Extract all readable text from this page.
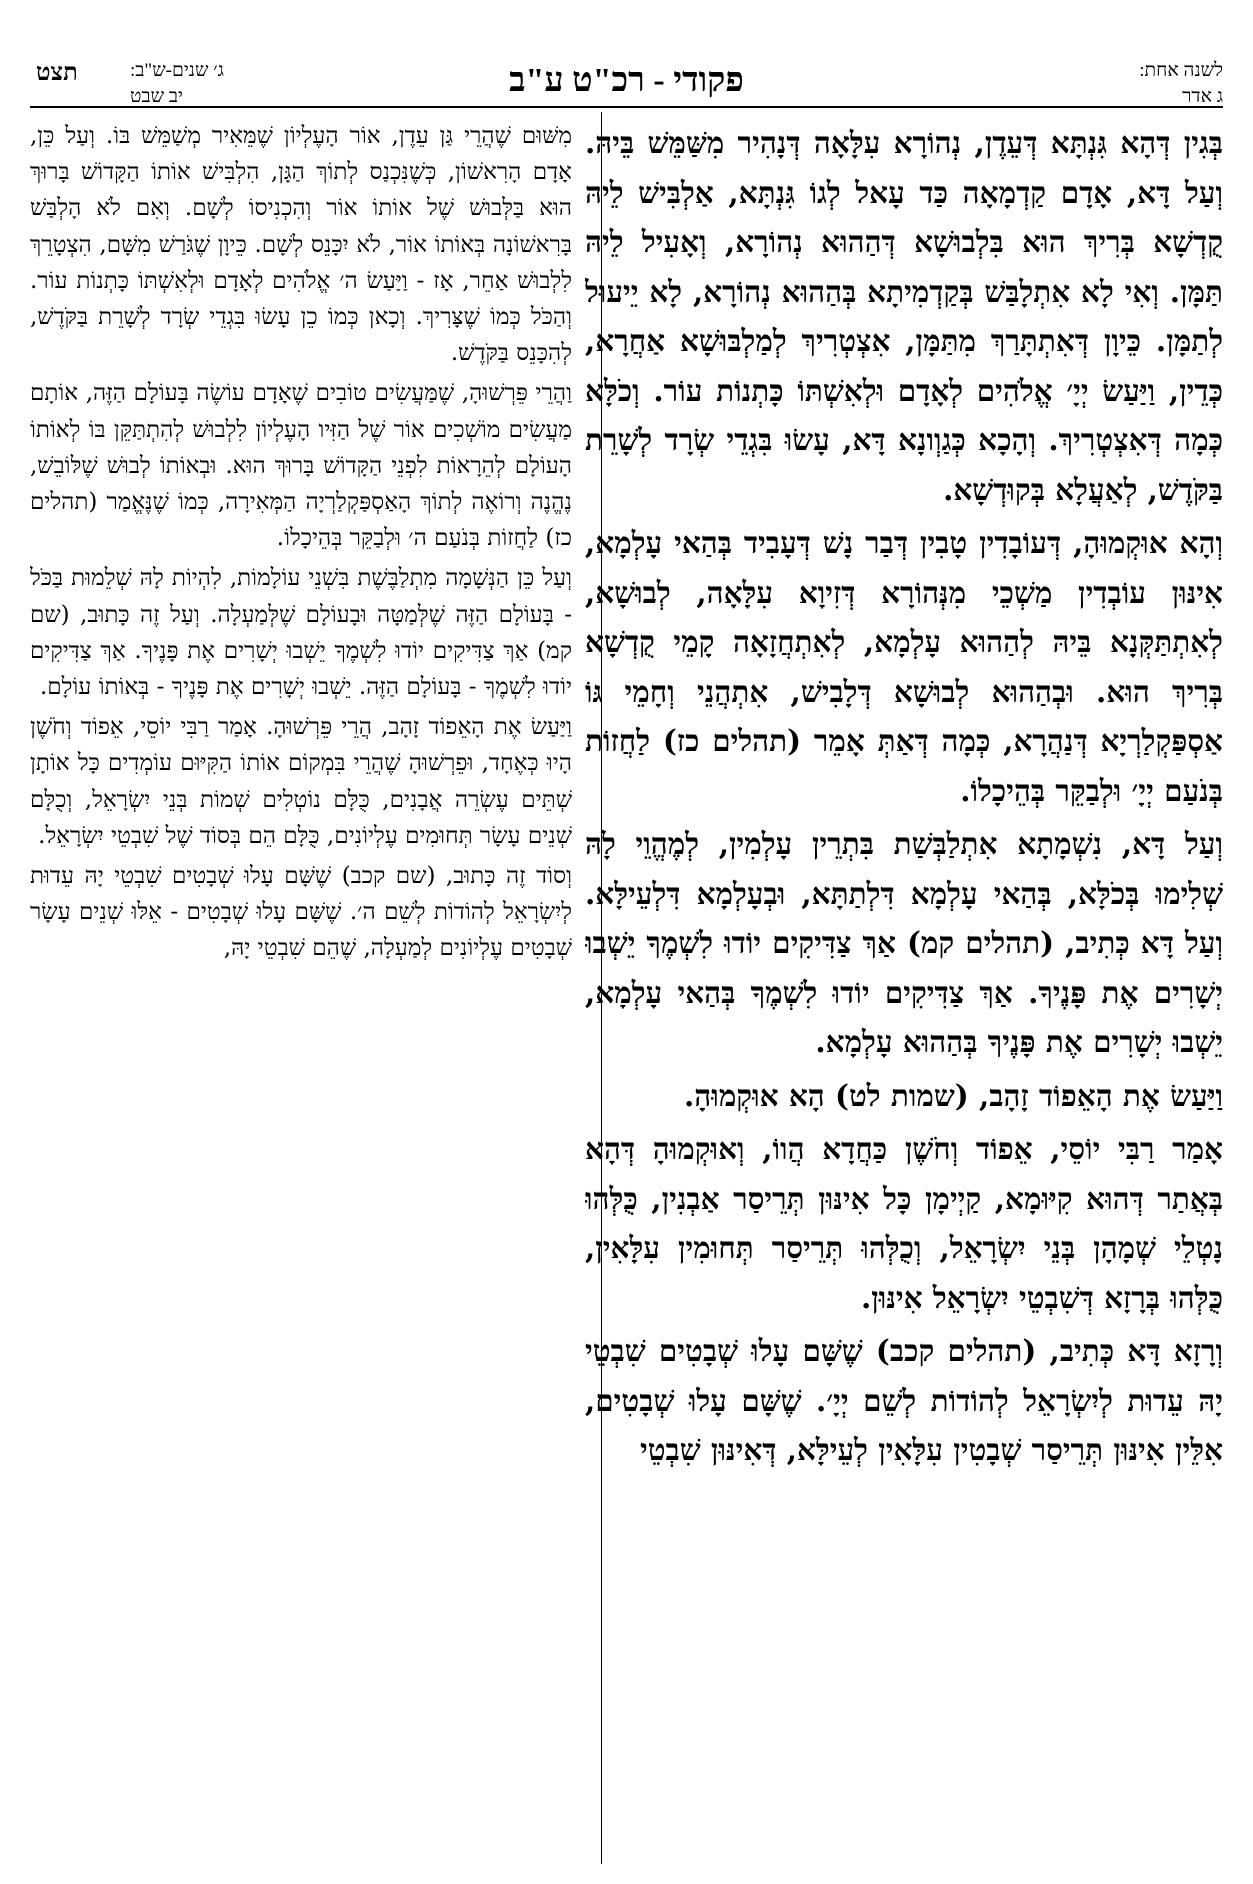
לשנה אחת:
ג אדר
פקודי - רכ"ט ע"ב
ג׳ שנים-ש"ב:
יב שבט
תצט

בְּגִין דְּהָא גִּנְתָּא דְּעֵדֶן, נְהוֹרָא עִלָּאָה דְּנָהִיר מִשַּׁמֵּשׁ בֵּיהּ. וְעַל דָּא, אָדָם קַדְמָאָה כַּד עָאל לְגוֹ גִּנְתָּא, אַלְבִּישׁ לֵיהּ קֻדְשָׁא בְּרִיךְ הוּא בִּלְבוּשָׁא דְּהַהוּא נְהוֹרָא, וְאָעִיל לֵיהּ תַּמָּן. וְאִי לָא אִתְלָבַּשׁ בְּקַדְמִיתָא בְּהַהוּא נְהוֹרָא, לָא יֵיעוּל לְתַמָּן. כֵּיוָן דְּאִתְתָּרַךְ מִתַּמָּן, אִצְטְרִיךְ לְמַלְבּוּשָׁא אַחֲרָא, כְּדֵין, וַיַּעַשׂ יְיָ׳ אֱלֹהִים לְאָדָם וּלְאִשְׁתּוֹ כָּתְנוֹת עוֹר. וְכֹלָּא כְּמָה דְּאִצְטְרִיךְ. וְהָכָא כְּגַוְונָא דָּא, עָשׂוּ בִּגְדֵי שְׂרָד לְשָׁרֵת בַּקֹּדֶשׁ, לְאַעֲלָא בְּקוּדְשָׁא.

וְהָא אוּקְמוּהָ, דְּעוֹבָדִין טָבִין דְּבַר נָשׁ דְּעָבִיד בְּהַאי עָלְמָא, אִינּוּן עוֹבְדִין מַשְׁכֵי מִנְּהוֹרָא דְּזִיוָא עִלָּאָה, לְבוּשָׁא, לְאִתְתַּקְּנָא בֵּיהּ לְהַהוּא עָלְמָא, לְאִתְחֲזָאָה קָמֵי קֻדְשָׁא בְּרִיךְ הוּא. וּבְהַהוּא לְבוּשָׁא דְּלָבִישׁ, אִתְהֲנֵי וְחָמֵי גּוֹ אַסְפַּקְלַרְיָא דְּנַהֲרָא, כְּמָה דְּאַתְּ אָמֵר (תהלים כז) לַחֲזוֹת בְּנֹעַם יְיָ׳ וּלְבַקֵּר בְּהֵיכָלוֹ.

וְעַל דָּא, נִשְׁמָתָא אִתְלַבְּשַׁת בִּתְרֵין עָלְמִין, לְמֶהֱוֵי לָהּ שְׁלִימוּ בְּכֹלָּא, בְּהַאי עָלְמָא דִּלְתַתָּא, וּבְעָלְמָא דִּלְעֵילָּא. וְעַל דָּא כְּתִיב, (תהלים קמ) אַךְ צַדִּיקִים יוֹדוּ לִשְׁמֶךָ יֵשְׁבוּ יְשָׁרִים אֶת פָּנֶיךָ. אַךְ צַדִּיקִים יוֹדוּ לִשְׁמֶךָ בְּהַאי עָלְמָא, יֵשְׁבוּ יְשָׁרִים אֶת פָּנֶיךָ בְּהַהוּא עָלְמָא.

וַיַּעַשׂ אֶת הָאֵפוֹד זָהָב, (שמות לט) הָא אוּקְמוּהָ.

אָמַר רַבִּי יוֹסֵי, אֵפוֹד וְחֹשֶׁן כַּחֲדָא הֲווֹ, וְאוּקְמוּהָ דְּהָא בְּאֲתַר דְּהוּא קִיּוּמָא, קַיְימָן כָּל אִינּוּן תְּרֵיסַר אַבְנִין, כֻּלְּהוּ נָטְלֵי שְׁמָהָן בְּנֵי יִשְׂרָאֵל, וְכֻלְּהוּ תְּרֵיסַר תְּחוּמִין עִלָּאִין, כֻּלְּהוּ בְּרָזָא דְּשִׁבְטֵי יִשְׂרָאֵל אִינּוּן.

וְרָזָא דָּא כְּתִיב, (תהלים קכב) שֶׁשָּׁם עָלוּ שְׁבָטִים שִׁבְטֵי יָהּ עֵדוּת לְיִשְׂרָאֵל לְהוֹדוֹת לְשֵׁם יְיָ׳. שֶׁשָּׁם עָלוּ שְׁבָטִים, אִלֵּין אִינּוּן תְּרֵיסַר שְׁבָטִין עִלָּאִין לְעֵילָּא, דְּאִינּוּן שִׁבְטֵי

מִשּׁוּם שֶׁהֲרֵי גַּן עֵדֶן, אוֹר הָעֶלְיוֹן שֶׁמֵּאִיר מְשַׁמֵּשׁ בּוֹ. וְעַל כֵּן, אָדָם הָרִאשׁוֹן, כְּשֶׁנִּכְנַס לְתוֹךְ הַגָּן, הִלְבִּישׁ אוֹתוֹ הַקָּדוֹשׁ בָּרוּךְ הוּא בַּלְּבוּשׁ שֶׁל אוֹתוֹ אוֹר וְהִכְנִיסוֹ לְשָׁם. וְאִם לֹא הָלְבַּשׁ בָּרִאשׁוֹנָה בְּאוֹתוֹ אוֹר, לֹא יִכָּנֵס לְשָׁם. כֵּיוָן שֶׁגֹּרַשׁ מִשָּׁם, הִצְטָרֵךְ לִלְבוּשׁ אַחֵר, אָז - וַיַּעַשׂ ה׳ אֱלֹהִים לְאָדָם וּלְאִשְׁתּוֹ כָּתְנוֹת עוֹר. וְהַכֹּל כְּמוֹ שֶׁצָּרִיךְ. וְכָאן כְּמוֹ כֵן עָשׂוּ בִּגְדֵי שְׂרָד לְשָׁרֵת בַּקֹּדֶשׁ, לְהִכָּנֵס בַּקֹּדֶשׁ.

וַהֲרֵי פֵּרְשׁוּהָ, שֶׁמַּעֲשִׂים טוֹבִים שֶׁאָדָם עוֹשֶׂה בָּעוֹלָם הַזֶּה, אוֹתָם מַעֲשִׂים מוֹשְׁכִים אוֹר שֶׁל הַזִּיו הָעֶלְיוֹן לִלְבוּשׁ לְהִתְתַּקֵּן בּוֹ לְאוֹתוֹ הָעוֹלָם לְהֵרָאוֹת לִפְנֵי הַקָּדוֹשׁ בָּרוּךְ הוּא. וּבְאוֹתוֹ לְבוּשׁ שֶׁלּוֹבֵשׁ, נֶהֱנֶה וְרוֹאֶה לְתוֹךְ הָאַסְפַּקְלַרְיָה הַמְּאִירָה, כְּמוֹ שֶׁנֶּאֱמַר (תהלים כז) לַחֲזוֹת בְּנֹעַם ה׳ וּלְבַקֵּר בְּהֵיכָלוֹ.

וְעַל כֵּן הַנְּשָׁמָה מִתְלַבֶּשֶׁת בִּשְׁנֵי עוֹלָמוֹת, לִהְיוֹת לָהּ שְׁלֵמוּת בַּכֹּל - בָּעוֹלָם הַזֶּה שֶׁלְּמַטָּה וּבָעוֹלָם שֶׁלְּמַעְלָה. וְעַל זֶה כָּתוּב, (שם קמ) אַךְ צַדִּיקִים יוֹדוּ לִשְׁמֶךָ יֵשְׁבוּ יְשָׁרִים אֶת פָּנֶיךָ. אַךְ צַדִּיקִים יוֹדוּ לִשְׁמֶךָ - בָּעוֹלָם הַזֶּה. יֵשְׁבוּ יְשָׁרִים אֶת פָּנֶיךָ - בְּאוֹתוֹ עוֹלָם.

וַיַּעַשׂ אֶת הָאֵפוֹד זָהָב, הֲרֵי פֵּרְשׁוּהָ. אָמַר רַבִּי יוֹסֵי, אֵפוֹד וְחֹשֶׁן הָיוּ כְּאֶחָד, וּפֵרְשׁוּהָ שֶׁהֲרֵי בִּמְקוֹם אוֹתוֹ הַקִּיּוּם עוֹמְדִים כָּל אוֹתָן שְׁתֵּים עֶשְׂרֵה אֲבָנִים, כֻּלָּם נוֹטְלִים שְׁמוֹת בְּנֵי יִשְׂרָאֵל, וְכֻלָּם שְׁנֵים עָשָׂר תְּחוּמִים עֶלְיוֹנִים, כֻּלָּם הֵם בְּסוֹד שֶׁל שִׁבְטֵי יִשְׂרָאֵל.

וְסוֹד זֶה כָּתוּב, (שם קכב) שֶׁשָּׁם עָלוּ שְׁבָטִים שִׁבְטֵי יָהּ עֵדוּת לְיִשְׂרָאֵל לְהוֹדוֹת לְשֵׁם ה׳. שֶׁשָּׁם עָלוּ שְׁבָטִים - אֵלּוּ שְׁנֵים עָשָׂר שְׁבָטִים עֶלְיוֹנִים לְמַעְלָה, שֶׁהֵם שִׁבְטֵי יָהּ,
